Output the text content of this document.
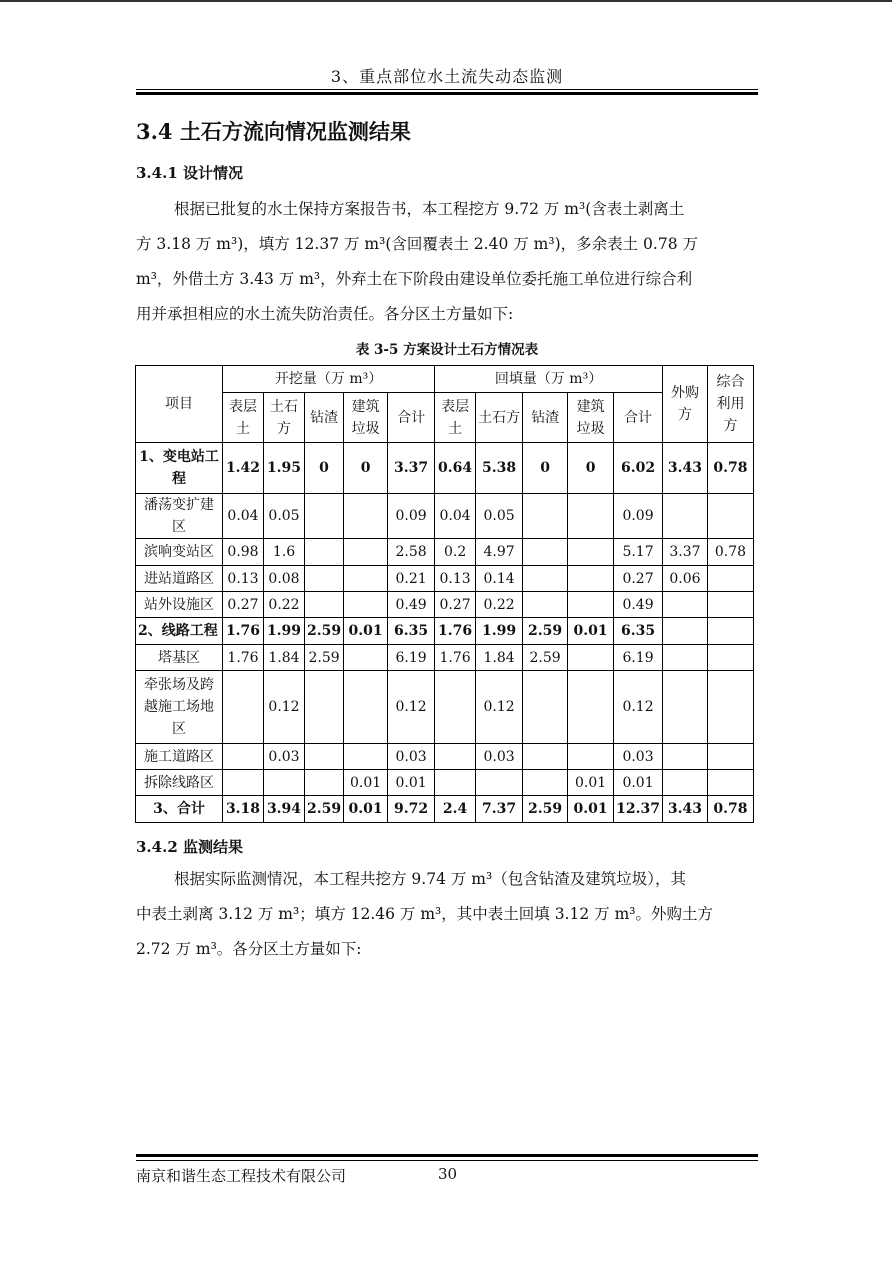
3、重点部位水土流失动态监测
3.4 土石方流向情况监测结果
3.4.1 设计情况
根据已批复的水土保持方案报告书，本工程挖方 9.72 万 m³(含表土剥离土
方 3.18 万 m³)，填方 12.37 万 m³(含回覆表土 2.40 万 m³)，多余表土 0.78 万
m³，外借土方 3.43 万 m³，外弃土在下阶段由建设单位委托施工单位进行综合利
用并承担相应的水土流失防治责任。各分区土方量如下:
表 3-5 方案设计土石方情况表
项目	开挖量（万 m³）					回填量（万 m³）					外购方	综合利用方
	表层土	土石方	钻渣	建筑垃圾	合计	表层土	土石方	钻渣	建筑垃圾	合计		
1、变电站工程	1.42	1.95	0	0	3.37	0.64	5.38	0	0	6.02	3.43	0.78
潘荡变扩建区	0.04	0.05			0.09	0.04	0.05			0.09		
滨响变站区	0.98	1.6			2.58	0.2	4.97			5.17	3.37	0.78
进站道路区	0.13	0.08			0.21	0.13	0.14			0.27	0.06	
站外设施区	0.27	0.22			0.49	0.27	0.22			0.49		
2、线路工程	1.76	1.99	2.59	0.01	6.35	1.76	1.99	2.59	0.01	6.35		
塔基区	1.76	1.84	2.59		6.19	1.76	1.84	2.59		6.19		
牵张场及跨越施工场地区		0.12			0.12		0.12			0.12		
施工道路区		0.03			0.03		0.03			0.03		
拆除线路区				0.01	0.01				0.01	0.01		
3、合计	3.18	3.94	2.59	0.01	9.72	2.4	7.37	2.59	0.01	12.37	3.43	0.78
3.4.2 监测结果
根据实际监测情况，本工程共挖方 9.74 万 m³（包含钻渣及建筑垃圾），其
中表土剥离 3.12 万 m³；填方 12.46 万 m³，其中表土回填 3.12 万 m³。外购土方
2.72 万 m³。各分区土方量如下:
南京和谐生态工程技术有限公司	30
